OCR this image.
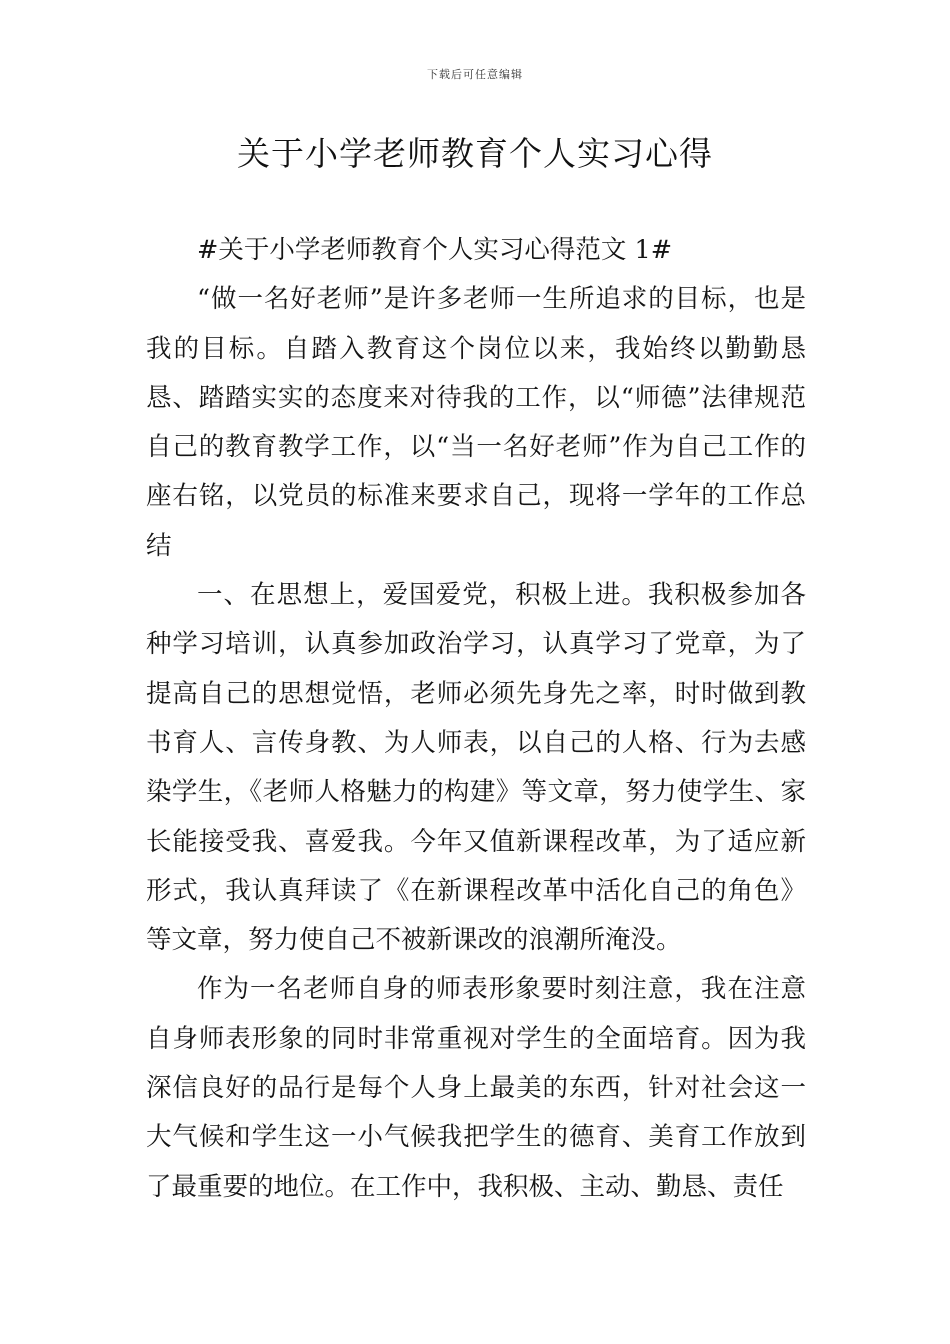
下载后可任意编辑
关于小学老师教育个人实习心得

#关于小学老师教育个人实习心得范文 1#

“做一名好老师”是许多老师一生所追求的目标，也是我的目标。自踏入教育这个岗位以来，我始终以勤勤恳恳、踏踏实实的态度来对待我的工作，以“师德”法律规范自己的教育教学工作，以“当一名好老师”作为自己工作的座右铭，以党员的标准来要求自己，现将一学年的工作总结

一、在思想上，爱国爱党，积极上进。我积极参加各种学习培训，认真参加政治学习，认真学习了党章，为了提高自己的思想觉悟，老师必须先身先之率，时时做到教书育人、言传身教、为人师表，以自己的人格、行为去感染学生，《老师人格魅力的构建》等文章，努力使学生、家长能接受我、喜爱我。今年又值新课程改革，为了适应新形式，我认真拜读了《在新课程改革中活化自己的角色》等文章，努力使自己不被新课改的浪潮所淹没。

作为一名老师自身的师表形象要时刻注意，我在注意自身师表形象的同时非常重视对学生的全面培育。因为我深信良好的品行是每个人身上最美的东西，针对社会这一大气候和学生这一小气候我把学生的德育、美育工作放到了最重要的地位。在工作中，我积极、主动、勤恳、责任
